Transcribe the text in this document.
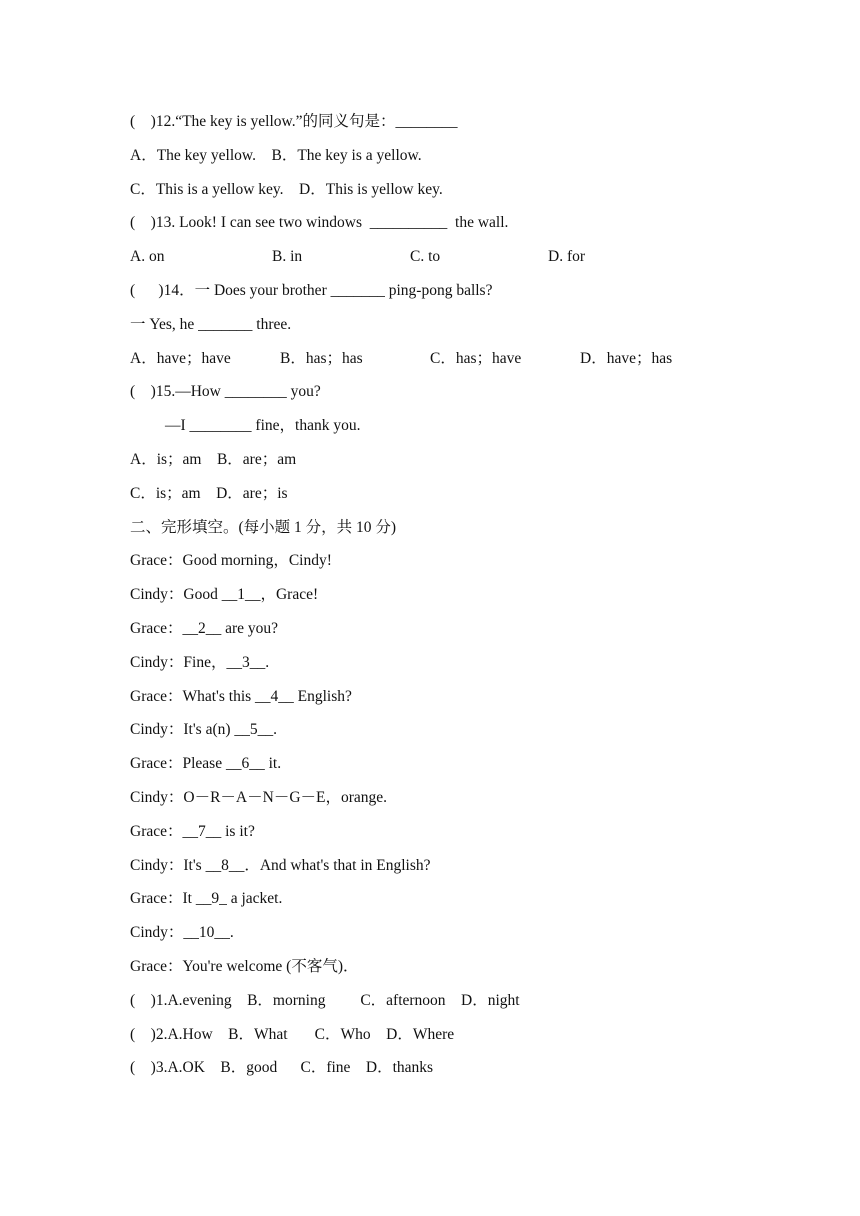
(    )12.“The key is yellow.”的同义句是：________
A．The key yellow.    B．The key is a yellow.
C．This is a yellow key.    D．This is yellow key.
(    )13. Look! I can see two windows  __________  the wall.
A. on	B. in	C. to	D. for
(      )14．一 Does your brother _______ ping-pong balls?
一 Yes, he _______ three.
A．have；have	B．has；has	C．has；have	D．have；has
(    )15.—How ________ you?
—I ________ fine，thank you.
A．is；am    B．are；am
C．is；am    D．are；is
二、完形填空。(每小题 1 分，共 10 分)
Grace：Good morning，Cindy!
Cindy：Good __1__，Grace!
Grace：__2__ are you?
Cindy：Fine，__3__.
Grace：What's this __4__ English?
Cindy：It's a(n) __5__.
Grace：Please __6__ it.
Cindy：O－R－A－N－G－E，orange.
Grace：__7__ is it?
Cindy：It's __8__．And what's that in English?
Grace：It __9_ a jacket.
Cindy：__10__.
Grace：You're welcome (不客气)．
(    )1.A.evening    B．morning         C．afternoon    D．night
(    )2.A.How    B．What       C．Who    D．Where
(    )3.A.OK    B．good      C．fine    D．thanks
